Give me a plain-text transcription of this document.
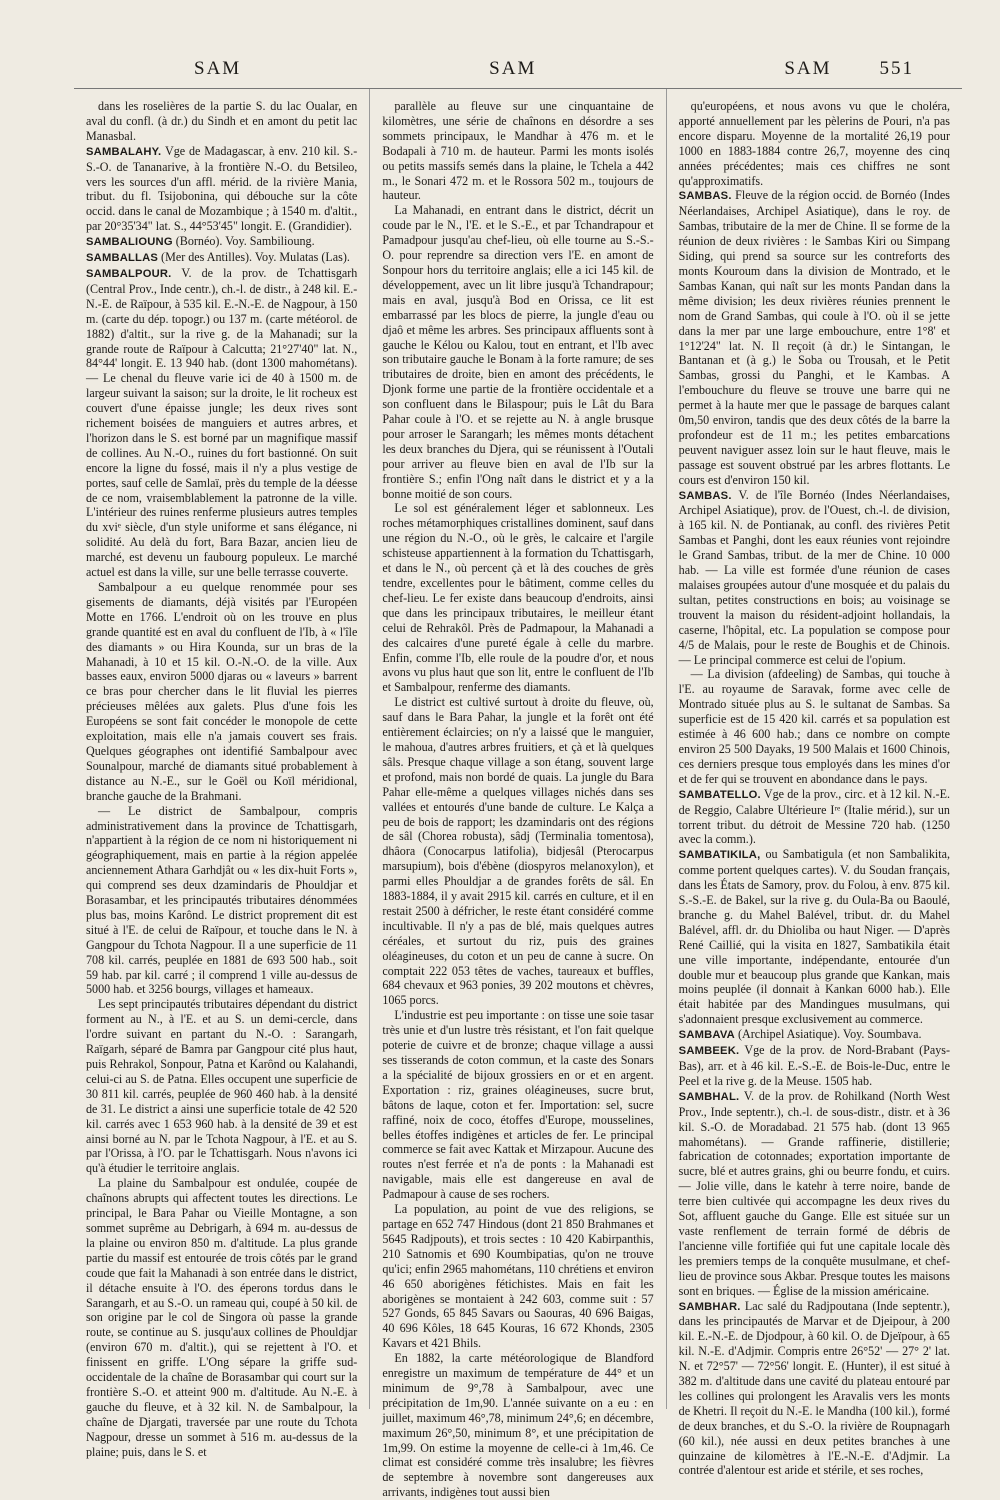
SAM	SAM	SAM	551

dans les roselières de la partie S. du lac Oualar, en aval du confl. (à dr.) du Sindh et en amont du petit lac Manasbal.

SAMBALAHY. Vge de Madagascar, à env. 210 kil. S.-S.-O. de Tananarive, à la frontière N.-O. du Betsileo, vers les sources d'un affl. mérid. de la rivière Mania, tribut. du fl. Tsijobonina, qui débouche sur la côte occid. dans le canal de Mozambique ; à 1540 m. d'altit., par 20°35'34" lat. S., 44°53'45" longit. E. (Grandidier).

SAMBALIOUNG (Bornéo). Voy. Sambilioung.

SAMBALLAS (Mer des Antilles). Voy. Mulatas (Las).

SAMBALPOUR. V. de la prov. de Tchattisgarh (Central Prov., Inde centr.), ch.-l. de distr., à 248 kil. E.-N.-E. de Raïpour, à 535 kil. E.-N.-E. de Nagpour, à 150 m. (carte du dép. topogr.) ou 137 m. (carte météorol. de 1882) d'altit., sur la rive g. de la Mahanadi; sur la grande route de Raïpour à Calcutta; 21°27'40" lat. N., 84°44' longit. E. 13 940 hab. (dont 1300 mahométans). — Le chenal du fleuve varie ici de 40 à 1500 m. de largeur suivant la saison; sur la droite, le lit rocheux est couvert d'une épaisse jungle; les deux rives sont richement boisées de manguiers et autres arbres, et l'horizon dans le S. est borné par un magnifique massif de collines. Au N.-O., ruines du fort bastionné. On suit encore la ligne du fossé, mais il n'y a plus vestige de portes, sauf celle de Samlaï, près du temple de la déesse de ce nom, vraisemblablement la patronne de la ville. L'intérieur des ruines renferme plusieurs autres temples du xviᵉ siècle, d'un style uniforme et sans élégance, ni solidité. Au delà du fort, Bara Bazar, ancien lieu de marché, est devenu un faubourg populeux. Le marché actuel est dans la ville, sur une belle terrasse couverte.

Sambalpour a eu quelque renommée pour ses gisements de diamants, déjà visités par l'Européen Motte en 1766. L'endroit où on les trouve en plus grande quantité est en aval du confluent de l'Ib, à « l'île des diamants » ou Hira Kounda, sur un bras de la Mahanadi, à 10 et 15 kil. O.-N.-O. de la ville. Aux basses eaux, environ 5000 djaras ou « laveurs » barrent ce bras pour chercher dans le lit fluvial les pierres précieuses mêlées aux galets. Plus d'une fois les Européens se sont fait concéder le monopole de cette exploitation, mais elle n'a jamais couvert ses frais. Quelques géographes ont identifié Sambalpour avec Sounalpour, marché de diamants situé probablement à distance au N.-E., sur le Goël ou Koïl méridional, branche gauche de la Brahmani.

— Le district de Sambalpour, compris administrativement dans la province de Tchattisgarh, n'appartient à la région de ce nom ni historiquement ni géographiquement, mais en partie à la région appelée anciennement Athara Garhdjât ou « les dix-huit Forts », qui comprend ses deux dzamindaris de Phouldjar et Borasambar, et les principautés tributaires dénommées plus bas, moins Karônd. Le district proprement dit est situé à l'E. de celui de Raïpour, et touche dans le N. à Gangpour du Tchota Nagpour. Il a une superficie de 11 708 kil. carrés, peuplée en 1881 de 693 500 hab., soit 59 hab. par kil. carré ; il comprend 1 ville au-dessus de 5000 hab. et 3256 bourgs, villages et hameaux.

Les sept principautés tributaires dépendant du district forment au N., à l'E. et au S. un demi-cercle, dans l'ordre suivant en partant du N.-O. : Sarangarh, Raïgarh, séparé de Bamra par Gangpour cité plus haut, puis Rehrakol, Sonpour, Patna et Karônd ou Kalahandi, celui-ci au S. de Patna. Elles occupent une superficie de 30 811 kil. carrés, peuplée de 960 460 hab. à la densité de 31. Le district a ainsi une superficie totale de 42 520 kil. carrés avec 1 653 960 hab. à la densité de 39 et est ainsi borné au N. par le Tchota Nagpour, à l'E. et au S. par l'Orissa, à l'O. par le Tchattisgarh. Nous n'avons ici qu'à étudier le territoire anglais.

La plaine du Sambalpour est ondulée, coupée de chaînons abrupts qui affectent toutes les directions. Le principal, le Bara Pahar ou Vieille Montagne, a son sommet suprême au Debrigarh, à 694 m. au-dessus de la plaine ou environ 850 m. d'altitude. La plus grande partie du massif est entourée de trois côtés par le grand coude que fait la Mahanadi à son entrée dans le district, il détache ensuite à l'O. des éperons tordus dans le Sarangarh, et au S.-O. un rameau qui, coupé à 50 kil. de son origine par le col de Singora où passe la grande route, se continue au S. jusqu'aux collines de Phouldjar (environ 670 m. d'altit.), qui se rejettent à l'O. et finissent en griffe. L'Ong sépare la griffe sud-occidentale de la chaîne de Borasambar qui court sur la frontière S.-O. et atteint 900 m. d'altitude. Au N.-E. à gauche du fleuve, et à 32 kil. N. de Sambalpour, la chaîne de Djargati, traversée par une route du Tchota Nagpour, dresse un sommet à 516 m. au-dessus de la plaine; puis, dans le S. et

parallèle au fleuve sur une cinquantaine de kilomètres, une série de chaînons en désordre a ses sommets principaux, le Mandhar à 476 m. et le Bodapali à 710 m. de hauteur. Parmi les monts isolés ou petits massifs semés dans la plaine, le Tchela a 442 m., le Sonari 472 m. et le Rossora 502 m., toujours de hauteur.

La Mahanadi, en entrant dans le district, décrit un coude par le N., l'E. et le S.-E., et par Tchandrapour et Pamadpour jusqu'au chef-lieu, où elle tourne au S.-S.-O. pour reprendre sa direction vers l'E. en amont de Sonpour hors du territoire anglais; elle a ici 145 kil. de développement, avec un lit libre jusqu'à Tchandrapour; mais en aval, jusqu'à Bod en Orissa, ce lit est embarrassé par les blocs de pierre, la jungle d'eau ou djaô et même les arbres. Ses principaux affluents sont à gauche le Kélou ou Kalou, tout en entrant, et l'Ib avec son tributaire gauche le Bonam à la forte ramure; de ses tributaires de droite, bien en amont des précédents, le Djonk forme une partie de la frontière occidentale et a son confluent dans le Bilaspour; puis le Lât du Bara Pahar coule à l'O. et se rejette au N. à angle brusque pour arroser le Sarangarh; les mêmes monts détachent les deux branches du Djera, qui se réunissent à l'Outali pour arriver au fleuve bien en aval de l'Ib sur la frontière S.; enfin l'Ong naît dans le district et y a la bonne moitié de son cours.

Le sol est généralement léger et sablonneux. Les roches métamorphiques cristallines dominent, sauf dans une région du N.-O., où le grès, le calcaire et l'argile schisteuse appartiennent à la formation du Tchattisgarh, et dans le N., où percent çà et là des couches de grès tendre, excellentes pour le bâtiment, comme celles du chef-lieu. Le fer existe dans beaucoup d'endroits, ainsi que dans les principaux tributaires, le meilleur étant celui de Rehrakôl. Près de Padmapour, la Mahanadi a des calcaires d'une pureté égale à celle du marbre. Enfin, comme l'Ib, elle roule de la poudre d'or, et nous avons vu plus haut que son lit, entre le confluent de l'Ib et Sambalpour, renferme des diamants.

Le district est cultivé surtout à droite du fleuve, où, sauf dans le Bara Pahar, la jungle et la forêt ont été entièrement éclaircies; on n'y a laissé que le manguier, le mahoua, d'autres arbres fruitiers, et çà et là quelques sâls. Presque chaque village a son étang, souvent large et profond, mais non bordé de quais. La jungle du Bara Pahar elle-même a quelques villages nichés dans ses vallées et entourés d'une bande de culture. Le Kalça a peu de bois de rapport; les dzamindaris ont des régions de sâl (Chorea robusta), sâdj (Terminalia tomentosa), dhâora (Conocarpus latifolia), bidjesâl (Pterocarpus marsupium), bois d'ébène (diospyros melanoxylon), et parmi elles Phouldjar a de grandes forêts de sâl. En 1883-1884, il y avait 2915 kil. carrés en culture, et il en restait 2500 à défricher, le reste étant considéré comme incultivable. Il n'y a pas de blé, mais quelques autres céréales, et surtout du riz, puis des graines oléagineuses, du coton et un peu de canne à sucre. On comptait 222 053 têtes de vaches, taureaux et buffles, 684 chevaux et 963 ponies, 39 202 moutons et chèvres, 1065 porcs.

L'industrie est peu importante : on tisse une soie tasar très unie et d'un lustre très résistant, et l'on fait quelque poterie de cuivre et de bronze; chaque village a aussi ses tisserands de coton commun, et la caste des Sonars a la spécialité de bijoux grossiers en or et en argent. Exportation : riz, graines oléagineuses, sucre brut, bâtons de laque, coton et fer. Importation: sel, sucre raffiné, noix de coco, étoffes d'Europe, mousselines, belles étoffes indigènes et articles de fer. Le principal commerce se fait avec Kattak et Mirzapour. Aucune des routes n'est ferrée et n'a de ponts : la Mahanadi est navigable, mais elle est dangereuse en aval de Padmapour à cause de ses rochers.

La population, au point de vue des religions, se partage en 652 747 Hindous (dont 21 850 Brahmanes et 5645 Radjpouts), et trois sectes : 10 420 Kabirpanthis, 210 Satnomis et 690 Koumbipatias, qu'on ne trouve qu'ici; enfin 2965 mahométans, 110 chrétiens et environ 46 650 aborigènes fétichistes. Mais en fait les aborigènes se montaient à 242 603, comme suit : 57 527 Gonds, 65 845 Savars ou Saouras, 40 696 Baigas, 40 696 Kôles, 18 645 Kouras, 16 672 Khonds, 2305 Kavars et 421 Bhils.

En 1882, la carte météorologique de Blandford enregistre un maximum de température de 44° et un minimum de 9°,78 à Sambalpour, avec une précipitation de 1m,90. L'année suivante on a eu : en juillet, maximum 46°,78, minimum 24°,6; en décembre, maximum 26°,50, minimum 8°, et une précipitation de 1m,99. On estime la moyenne de celle-ci à 1m,46. Ce climat est considéré comme très insalubre; les fièvres de septembre à novembre sont dangereuses aux arrivants, indigènes tout aussi bien

qu'européens, et nous avons vu que le choléra, apporté annuellement par les pèlerins de Pouri, n'a pas encore disparu. Moyenne de la mortalité 26,19 pour 1000 en 1883-1884 contre 26,7, moyenne des cinq années précédentes; mais ces chiffres ne sont qu'approximatifs.

SAMBAS. Fleuve de la région occid. de Bornéo (Indes Néerlandaises, Archipel Asiatique), dans le roy. de Sambas, tributaire de la mer de Chine. Il se forme de la réunion de deux rivières : le Sambas Kiri ou Simpang Siding, qui prend sa source sur les contreforts des monts Kouroum dans la division de Montrado, et le Sambas Kanan, qui naît sur les monts Pandan dans la même division; les deux rivières réunies prennent le nom de Grand Sambas, qui coule à l'O. où il se jette dans la mer par une large embouchure, entre 1°8' et 1°12'24" lat. N. Il reçoit (à dr.) le Sintangan, le Bantanan et (à g.) le Soba ou Trousah, et le Petit Sambas, grossi du Panghi, et le Kambas. A l'embouchure du fleuve se trouve une barre qui ne permet à la haute mer que le passage de barques calant 0m,50 environ, tandis que des deux côtés de la barre la profondeur est de 11 m.; les petites embarcations peuvent naviguer assez loin sur le haut fleuve, mais le passage est souvent obstrué par les arbres flottants. Le cours est d'environ 150 kil.

SAMBAS. V. de l'île Bornéo (Indes Néerlandaises, Archipel Asiatique), prov. de l'Ouest, ch.-l. de division, à 165 kil. N. de Pontianak, au confl. des rivières Petit Sambas et Panghi, dont les eaux réunies vont rejoindre le Grand Sambas, tribut. de la mer de Chine. 10 000 hab. — La ville est formée d'une réunion de cases malaises groupées autour d'une mosquée et du palais du sultan, petites constructions en bois; au voisinage se trouvent la maison du résident-adjoint hollandais, la caserne, l'hôpital, etc. La population se compose pour 4/5 de Malais, pour le reste de Boughis et de Chinois. — Le principal commerce est celui de l'opium.

— La division (afdeeling) de Sambas, qui touche à l'E. au royaume de Saravak, forme avec celle de Montrado située plus au S. le sultanat de Sambas. Sa superficie est de 15 420 kil. carrés et sa population est estimée à 46 600 hab.; dans ce nombre on compte environ 25 500 Dayaks, 19 500 Malais et 1600 Chinois, ces derniers presque tous employés dans les mines d'or et de fer qui se trouvent en abondance dans le pays.

SAMBATELLO. Vge de la prov., circ. et à 12 kil. N.-E. de Reggio, Calabre Ultérieure Iʳᵉ (Italie mérid.), sur un torrent tribut. du détroit de Messine 720 hab. (1250 avec la comm.).

SAMBATIKILA, ou Sambatigula (et non Sambalikita, comme portent quelques cartes). V. du Soudan français, dans les États de Samory, prov. du Folou, à env. 875 kil. S.-S.-E. de Bakel, sur la rive g. du Oula-Ba ou Baoulé, branche g. du Mahel Balével, tribut. dr. du Mahel Balével, affl. dr. du Dhioliba ou haut Niger. — D'après René Caillié, qui la visita en 1827, Sambatikila était une ville importante, indépendante, entourée d'un double mur et beaucoup plus grande que Kankan, mais moins peuplée (il donnait à Kankan 6000 hab.). Elle était habitée par des Mandingues musulmans, qui s'adonnaient presque exclusivement au commerce.

SAMBAVA (Archipel Asiatique). Voy. Soumbava.

SAMBEEK. Vge de la prov. de Nord-Brabant (Pays-Bas), arr. et à 46 kil. E.-S.-E. de Bois-le-Duc, entre le Peel et la rive g. de la Meuse. 1505 hab.

SAMBHAL. V. de la prov. de Rohilkand (North West Prov., Inde septentr.), ch.-l. de sous-distr., distr. et à 36 kil. S.-O. de Moradabad. 21 575 hab. (dont 13 965 mahométans). — Grande raffinerie, distillerie; fabrication de cotonnades; exportation importante de sucre, blé et autres grains, ghi ou beurre fondu, et cuirs. — Jolie ville, dans le katehr à terre noire, bande de terre bien cultivée qui accompagne les deux rives du Sot, affluent gauche du Gange. Elle est située sur un vaste renflement de terrain formé de débris de l'ancienne ville fortifiée qui fut une capitale locale dès les premiers temps de la conquête musulmane, et chef-lieu de province sous Akbar. Presque toutes les maisons sont en briques. — Église de la mission américaine.

SAMBHAR. Lac salé du Radjpoutana (Inde septentr.), dans les principautés de Marvar et de Djeipour, à 200 kil. E.-N.-E. de Djodpour, à 60 kil. O. de Djeïpour, à 65 kil. N.-E. d'Adjmir. Compris entre 26°52' — 27° 2' lat. N. et 72°57' — 72°56' longit. E. (Hunter), il est situé à 382 m. d'altitude dans une cavité du plateau entouré par les collines qui prolongent les Aravalis vers les monts de Khetri. Il reçoit du N.-E. le Mandha (100 kil.), formé de deux branches, et du S.-O. la rivière de Roupnagarh (60 kil.), née aussi en deux petites branches à une quinzaine de kilomètres à l'E.-N.-E. d'Adjmir. La contrée d'alentour est aride et stérile, et ses roches,
